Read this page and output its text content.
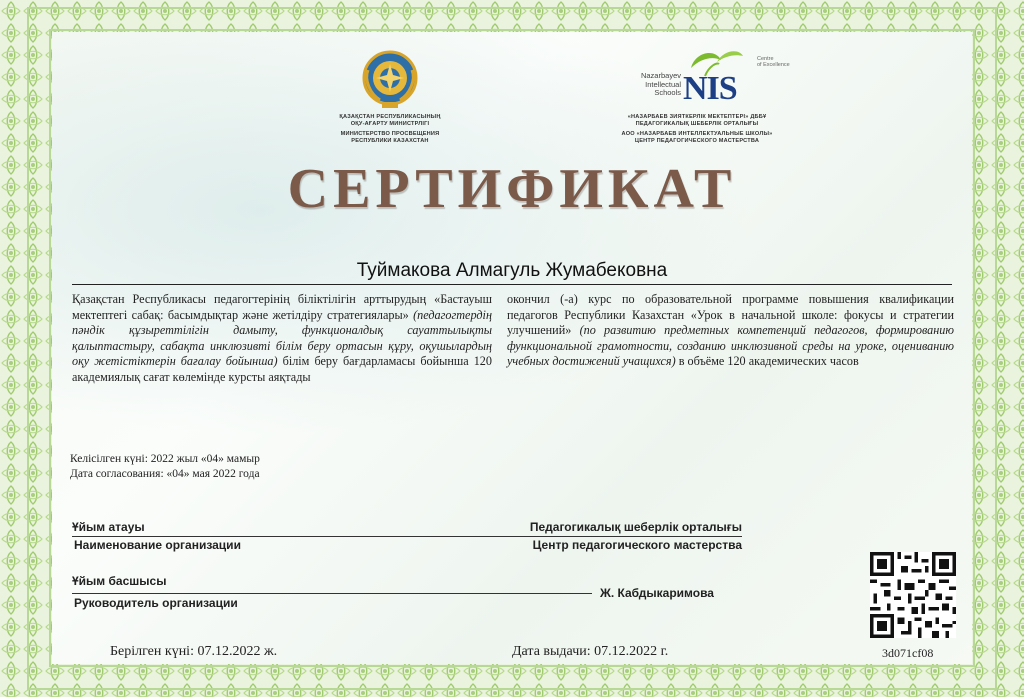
ҚАЗАҚСТАН РЕСПУБЛИКАСЫНЫҢ
ОҚУ-АҒАРТУ МИНИСТРЛІГІ
МИНИСТЕРСТВО ПРОСВЕЩЕНИЯ
РЕСПУБЛИКИ КАЗАХСТАН
Nazarbayev
Intellectual
Schools NIS
Centre
of Excellence
«НАЗАРБАЕВ ЗИЯТКЕРЛІК МЕКТЕПТЕРІ» ДББҰ
ПЕДАГОГИКАЛЫҚ ШЕБЕРЛІК ОРТАЛЫҒЫ
АОО «НАЗАРБАЕВ ИНТЕЛЛЕКТУАЛЬНЫЕ ШКОЛЫ»
ЦЕНТР ПЕДАГОГИЧЕСКОГО МАСТЕРСТВА
СЕРТИФИКАТ
Туймакова Алмагуль Жумабековна
Қазақстан Республикасы педагогтерінің біліктілігін арттырудың «Бастауыш мектептегі сабақ: басымдықтар және жетілдіру стратегиялары» (педагогтердің пәндік құзыреттілігін дамыту, функционалдық сауаттылықты қалыптастыру, сабақта инклюзивті білім беру ортасын құру, оқушылардың оқу жетістіктерін бағалау бойынша) білім беру бағдарламасы бойынша 120 академиялық сағат көлемінде курсты аяқтады
окончил (-а) курс по образовательной программе повышения квалификации педагогов Республики Казахстан «Урок в начальной школе: фокусы и стратегии улучшений» (по развитию предметных компетенций педагогов, формированию функциональной грамотности, созданию инклюзивной среды на уроке, оцениванию учебных достижений учащихся) в объёме 120 академических часов
Келісілген күні: 2022 жыл «04» мамыр
Дата согласования: «04» мая 2022 года
Ұйым атауы
Наименование организации
Педагогикалық шеберлік орталығы
Центр педагогического мастерства
Ұйым басшысы
Руководитель организации
Ж. Кабдыкаримова
Берілген күні: 07.12.2022 ж.	Дата выдачи: 07.12.2022 г.	3d071cf08
